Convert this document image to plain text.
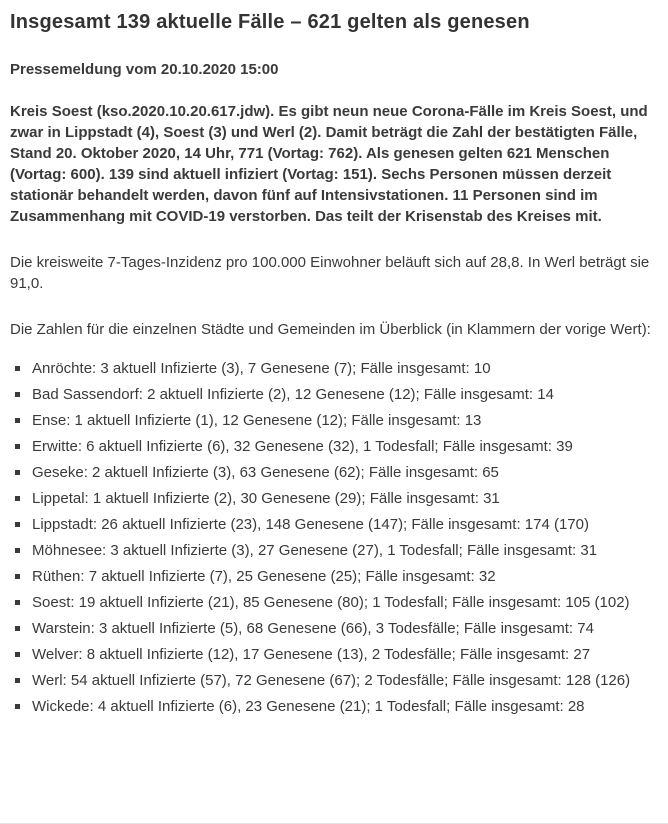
Insgesamt 139 aktuelle Fälle – 621 gelten als genesen

Pressemeldung vom 20.10.2020 15:00

Kreis Soest (kso.2020.10.20.617.jdw). Es gibt neun neue Corona-Fälle im Kreis Soest, und zwar in Lippstadt (4), Soest (3) und Werl (2). Damit beträgt die Zahl der bestätigten Fälle, Stand 20. Oktober 2020, 14 Uhr, 771 (Vortag: 762). Als genesen gelten 621 Menschen (Vortag: 600). 139 sind aktuell infiziert (Vortag: 151). Sechs Personen müssen derzeit stationär behandelt werden, davon fünf auf Intensivstationen. 11 Personen sind im Zusammenhang mit COVID-19 verstorben. Das teilt der Krisenstab des Kreises mit.

Die kreisweite 7-Tages-Inzidenz pro 100.000 Einwohner beläuft sich auf 28,8. In Werl beträgt sie 91,0.

Die Zahlen für die einzelnen Städte und Gemeinden im Überblick (in Klammern der vorige Wert):

Anröchte: 3 aktuell Infizierte (3), 7 Genesene (7); Fälle insgesamt: 10
Bad Sassendorf: 2 aktuell Infizierte (2), 12 Genesene (12); Fälle insgesamt: 14
Ense: 1 aktuell Infizierte (1), 12 Genesene (12); Fälle insgesamt: 13
Erwitte: 6 aktuell Infizierte (6), 32 Genesene (32), 1 Todesfall; Fälle insgesamt: 39
Geseke: 2 aktuell Infizierte (3), 63 Genesene (62); Fälle insgesamt: 65
Lippetal: 1 aktuell Infizierte (2), 30 Genesene (29); Fälle insgesamt: 31
Lippstadt: 26 aktuell Infizierte (23), 148 Genesene (147); Fälle insgesamt: 174 (170)
Möhnesee: 3 aktuell Infizierte (3), 27 Genesene (27), 1 Todesfall; Fälle insgesamt: 31
Rüthen: 7 aktuell Infizierte (7), 25 Genesene (25); Fälle insgesamt: 32
Soest: 19 aktuell Infizierte (21), 85 Genesene (80); 1 Todesfall; Fälle insgesamt: 105 (102)
Warstein: 3 aktuell Infizierte (5), 68 Genesene (66), 3 Todesfälle; Fälle insgesamt: 74
Welver: 8 aktuell Infizierte (12), 17 Genesene (13), 2 Todesfälle; Fälle insgesamt: 27
Werl: 54 aktuell Infizierte (57), 72 Genesene (67); 2 Todesfälle; Fälle insgesamt: 128 (126)
Wickede: 4 aktuell Infizierte (6), 23 Genesene (21); 1 Todesfall; Fälle insgesamt: 28
